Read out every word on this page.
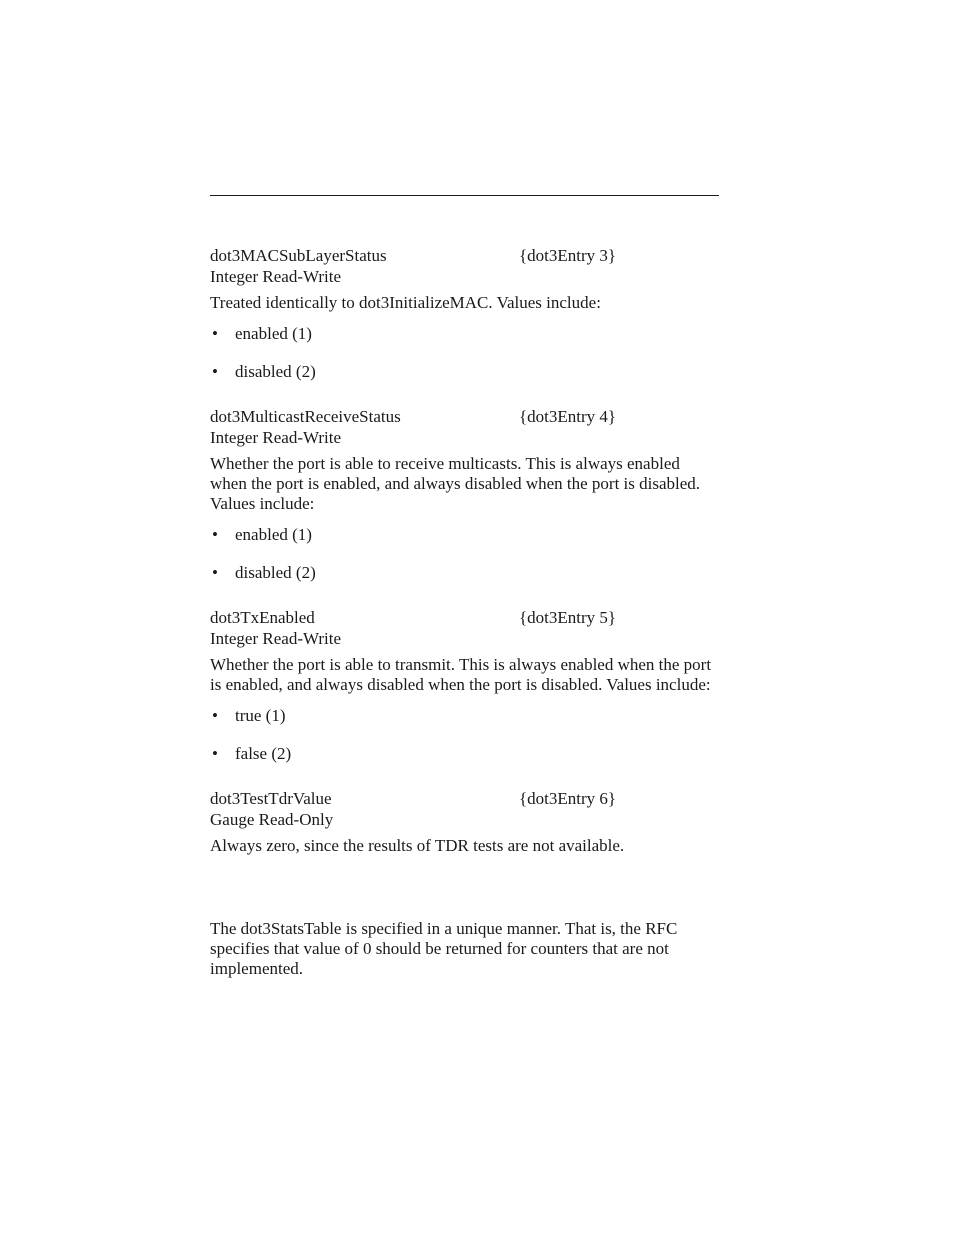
dot3MACSubLayerStatus	{dot3Entry 3}
Integer Read-Write
Treated identically to dot3InitializeMAC. Values include:
• enabled (1)
• disabled (2)
dot3MulticastReceiveStatus	{dot3Entry 4}
Integer Read-Write
Whether the port is able to receive multicasts. This is always enabled when the port is enabled, and always disabled when the port is disabled. Values include:
• enabled (1)
• disabled (2)
dot3TxEnabled	{dot3Entry 5}
Integer Read-Write
Whether the port is able to transmit. This is always enabled when the port is enabled, and always disabled when the port is disabled. Values include:
• true (1)
• false (2)
dot3TestTdrValue	{dot3Entry 6}
Gauge Read-Only
Always zero, since the results of TDR tests are not available.
The dot3StatsTable is specified in a unique manner. That is, the RFC specifies that value of 0 should be returned for counters that are not implemented.
